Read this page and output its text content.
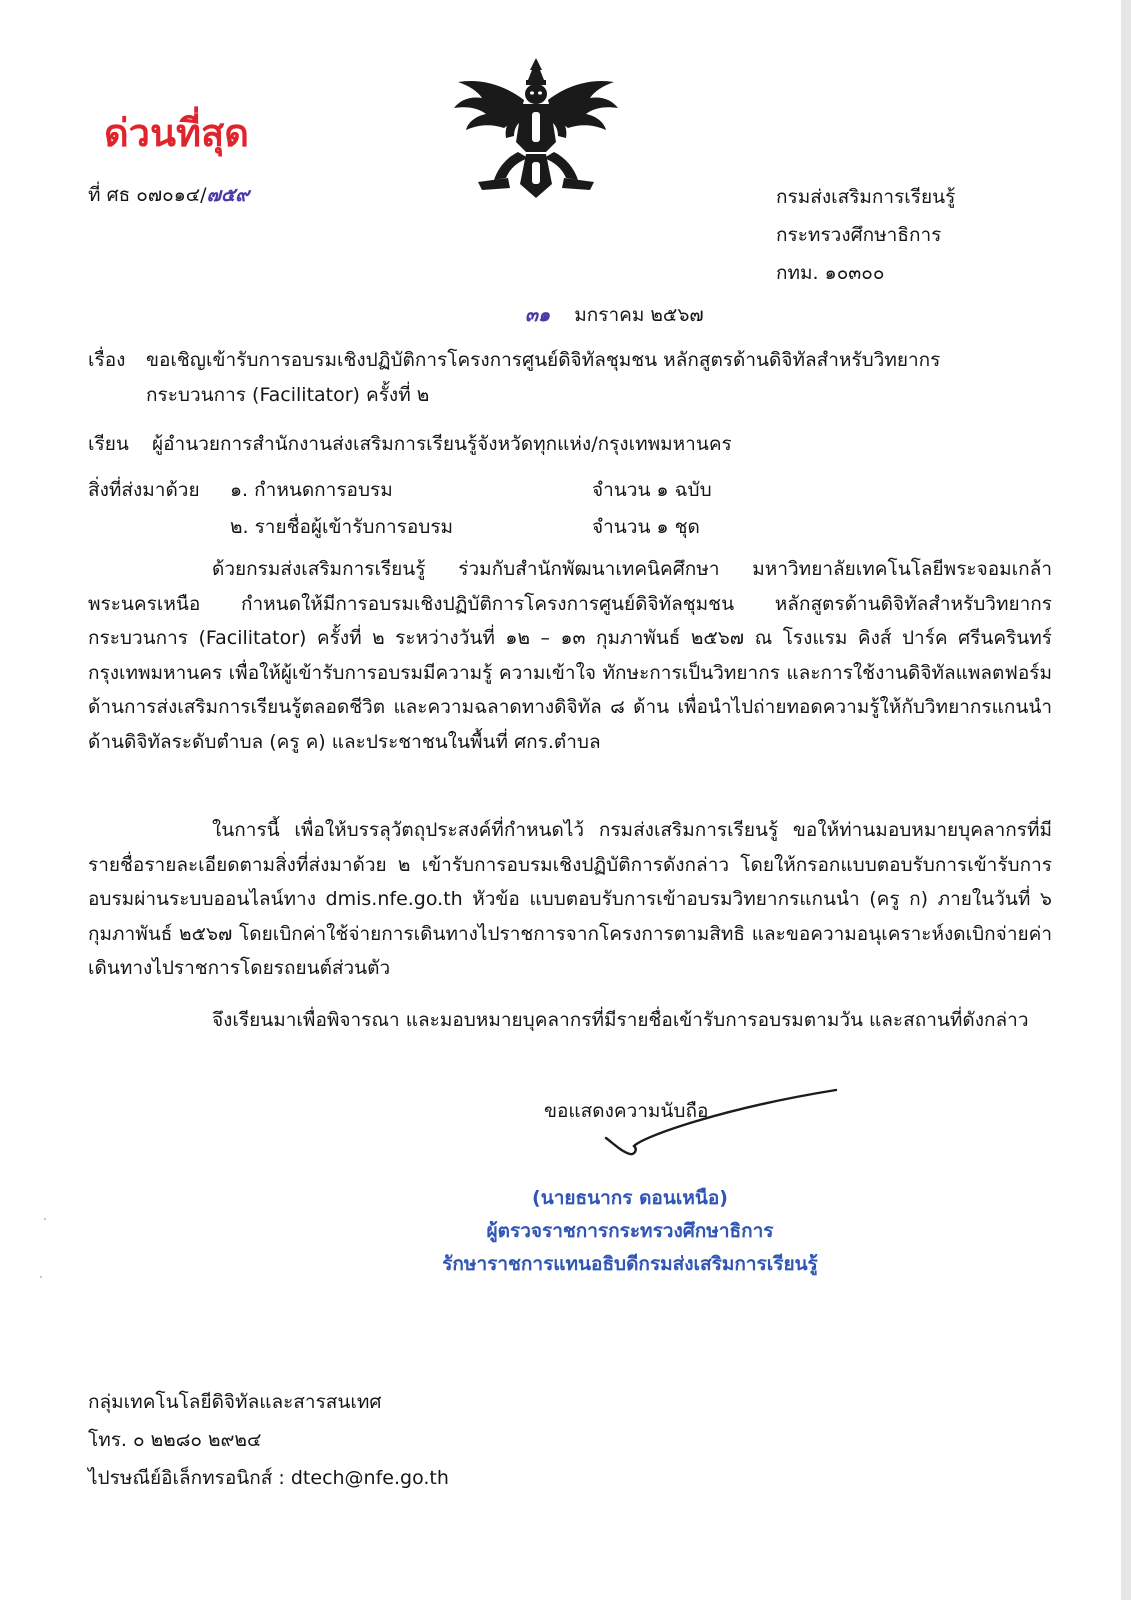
ด่วนที่สุด
ที่ ศธ ๐๗๐๑๔/๗๕๙	กรมส่งเสริมการเรียนรู้
กระทรวงศึกษาธิการ
กทม. ๑๐๓๐๐
๓๑ มกราคม ๒๕๖๗
เรื่อง ขอเชิญเข้ารับการอบรมเชิงปฏิบัติการโครงการศูนย์ดิจิทัลชุมชน หลักสูตรด้านดิจิทัลสำหรับวิทยากร
กระบวนการ (Facilitator) ครั้งที่ ๒
เรียน ผู้อำนวยการสำนักงานส่งเสริมการเรียนรู้จังหวัดทุกแห่ง/กรุงเทพมหานคร
สิ่งที่ส่งมาด้วย ๑. กำหนดการอบรม	จำนวน ๑ ฉบับ
๒. รายชื่อผู้เข้ารับการอบรม	จำนวน ๑ ชุด
ด้วยกรมส่งเสริมการเรียนรู้ ร่วมกับสำนักพัฒนาเทคนิคศึกษา มหาวิทยาลัยเทคโนโลยีพระจอมเกล้าพระนครเหนือ กำหนดให้มีการอบรมเชิงปฏิบัติการโครงการศูนย์ดิจิทัลชุมชน หลักสูตรด้านดิจิทัลสำหรับวิทยากรกระบวนการ (Facilitator) ครั้งที่ ๒ ระหว่างวันที่ ๑๒ – ๑๓ กุมภาพันธ์ ๒๕๖๗ ณ โรงแรม คิงส์ ปาร์ค ศรีนครินทร์ กรุงเทพมหานคร เพื่อให้ผู้เข้ารับการอบรมมีความรู้ ความเข้าใจ ทักษะการเป็นวิทยากร และการใช้งานดิจิทัลแพลตฟอร์มด้านการส่งเสริมการเรียนรู้ตลอดชีวิต และความฉลาดทางดิจิทัล ๘ ด้าน เพื่อนำไปถ่ายทอดความรู้ให้กับวิทยากรแกนนำด้านดิจิทัลระดับตำบล (ครู ค) และประชาชนในพื้นที่ ศกร.ตำบล
ในการนี้ เพื่อให้บรรลุวัตถุประสงค์ที่กำหนดไว้ กรมส่งเสริมการเรียนรู้ ขอให้ท่านมอบหมายบุคลากรที่มีรายชื่อรายละเอียดตามสิ่งที่ส่งมาด้วย ๒ เข้ารับการอบรมเชิงปฏิบัติการดังกล่าว โดยให้กรอกแบบตอบรับการเข้ารับการอบรมผ่านระบบออนไลน์ทาง dmis.nfe.go.th หัวข้อ แบบตอบรับการเข้าอบรมวิทยากรแกนนำ (ครู ก) ภายในวันที่ ๖ กุมภาพันธ์ ๒๕๖๗ โดยเบิกค่าใช้จ่ายการเดินทางไปราชการจากโครงการตามสิทธิ และขอความอนุเคราะห์งดเบิกจ่ายค่าเดินทางไปราชการโดยรถยนต์ส่วนตัว
จึงเรียนมาเพื่อพิจารณา และมอบหมายบุคลากรที่มีรายชื่อเข้ารับการอบรมตามวัน และสถานที่ดังกล่าว
ขอแสดงความนับถือ
(นายธนากร ดอนเหนือ)
ผู้ตรวจราชการกระทรวงศึกษาธิการ
รักษาราชการแทนอธิบดีกรมส่งเสริมการเรียนรู้
กลุ่มเทคโนโลยีดิจิทัลและสารสนเทศ
โทร. ๐ ๒๒๘๐ ๒๙๒๔
ไปรษณีย์อิเล็กทรอนิกส์ : dtech@nfe.go.th
